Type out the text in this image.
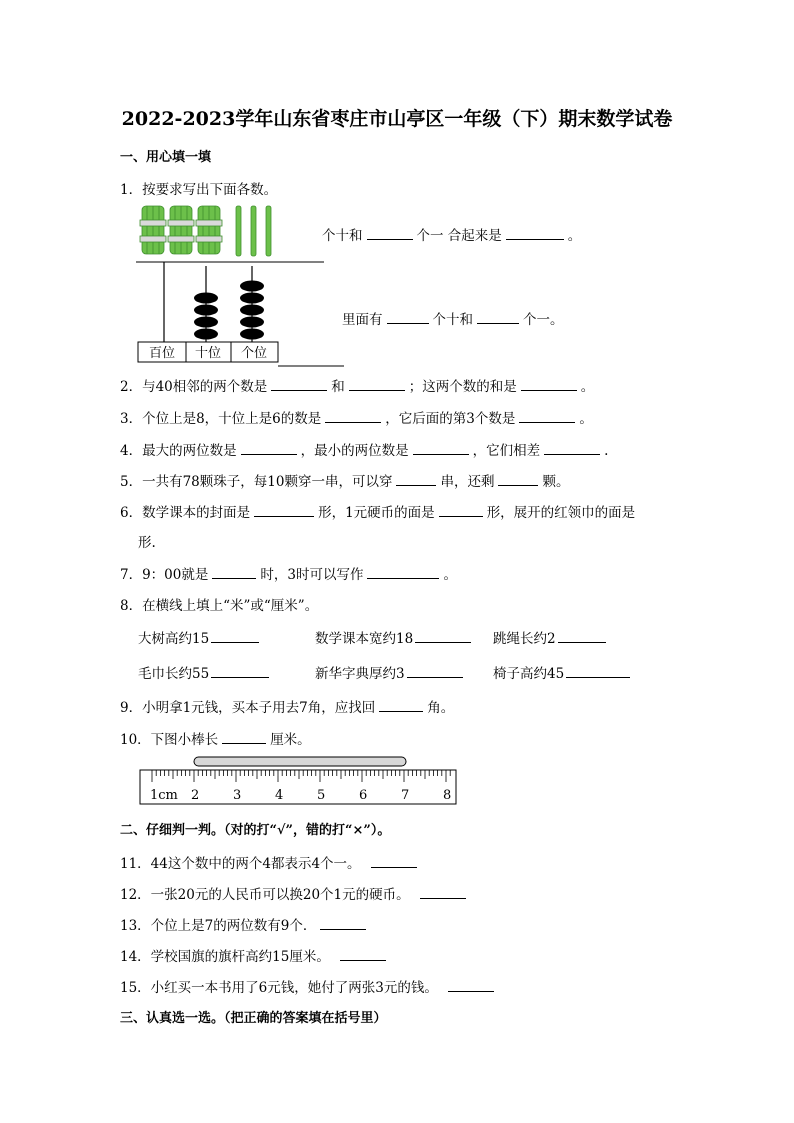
2022-2023学年山东省枣庄市山亭区一年级（下）期末数学试卷
一、用心填一填
1．按要求写出下面各数。
个十和	个一 合起来是	。
百位 十位 个位
里面有	个十和	个一。
2．与40相邻的两个数是	和	；这两个数的和是	。
3．个位上是8，十位上是6的数是	，它后面的第3个数是	。
4．最大的两位数是	，最小的两位数是	，它们相差	.
5．一共有78颗珠子，每10颗穿一串，可以穿	串，还剩	颗。
6．数学课本的封面是	形，1元硬币的面是	形，展开的红领巾的面是
形.
7．9：00就是	时，3时可以写作	。
8．在横线上填上“米”或“厘米”。
大树高约15	数学课本宽约18	跳绳长约2
毛巾长约55	新华字典厚约3	椅子高约45
9．小明拿1元钱，买本子用去7角，应找回	角。
10．下图小棒长	厘米。
1cm 2	3	4	5	6	7	8
二、仔细判一判。（对的打“√”，错的打“×”）。
11．44这个数中的两个4都表示4个一。
12．一张20元的人民币可以换20个1元的硬币。
13．个位上是7的两位数有9个．
14．学校国旗的旗杆高约15厘米。
15．小红买一本书用了6元钱，她付了两张3元的钱。
三、认真选一选。（把正确的答案填在括号里）
